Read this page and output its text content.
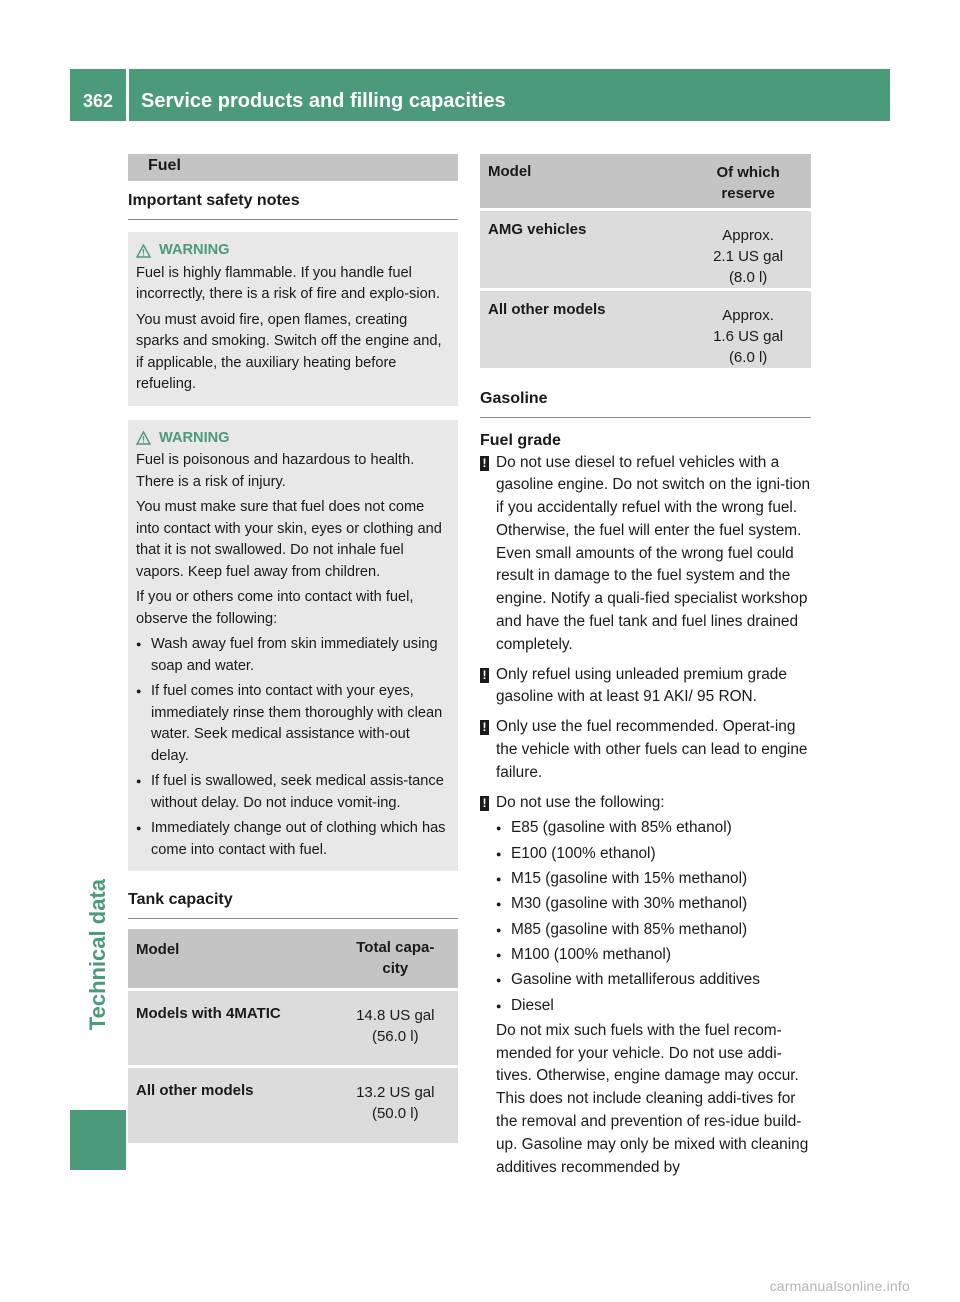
362	Service products and filling capacities
Technical data
Fuel
Important safety notes
WARNING

Fuel is highly flammable. If you handle fuel incorrectly, there is a risk of fire and explo-sion.

You must avoid fire, open flames, creating sparks and smoking. Switch off the engine and, if applicable, the auxiliary heating before refueling.

WARNING

Fuel is poisonous and hazardous to health. There is a risk of injury.

You must make sure that fuel does not come into contact with your skin, eyes or clothing and that it is not swallowed. Do not inhale fuel vapors. Keep fuel away from children.

If you or others come into contact with fuel, observe the following:

● Wash away fuel from skin immediately using soap and water.
● If fuel comes into contact with your eyes, immediately rinse them thoroughly with clean water. Seek medical assistance with-out delay.
● If fuel is swallowed, seek medical assis-tance without delay. Do not induce vomit-ing.
● Immediately change out of clothing which has come into contact with fuel.
Tank capacity
Model	Total capa-
city

Models with 4MATIC	14.8 US gal
(56.0 l)

All other models	13.2 US gal
(50.0 l)
Model	Of which
reserve

AMG vehicles	Approx.
2.1 US gal
(8.0 l)

All other models	Approx.
1.6 US gal
(6.0 l)
Gasoline
Fuel grade
! Do not use diesel to refuel vehicles with a gasoline engine. Do not switch on the igni-tion if you accidentally refuel with the wrong fuel. Otherwise, the fuel will enter the fuel system. Even small amounts of the wrong fuel could result in damage to the fuel system and the engine. Notify a quali-fied specialist workshop and have the fuel tank and fuel lines drained completely.
! Only refuel using unleaded premium grade gasoline with at least 91 AKI/ 95 RON.
! Only use the fuel recommended. Operat-ing the vehicle with other fuels can lead to engine failure.
! Do not use the following:
● E85 (gasoline with 85% ethanol)
● E100 (100% ethanol)
● M15 (gasoline with 15% methanol)
● M30 (gasoline with 30% methanol)
● M85 (gasoline with 85% methanol)
● M100 (100% methanol)
● Gasoline with metalliferous additives
● Diesel
Do not mix such fuels with the fuel recom-mended for your vehicle. Do not use addi-tives. Otherwise, engine damage may occur. This does not include cleaning addi-tives for the removal and prevention of res-idue build-up. Gasoline may only be mixed with cleaning additives recommended by
carmanualsonline.info
